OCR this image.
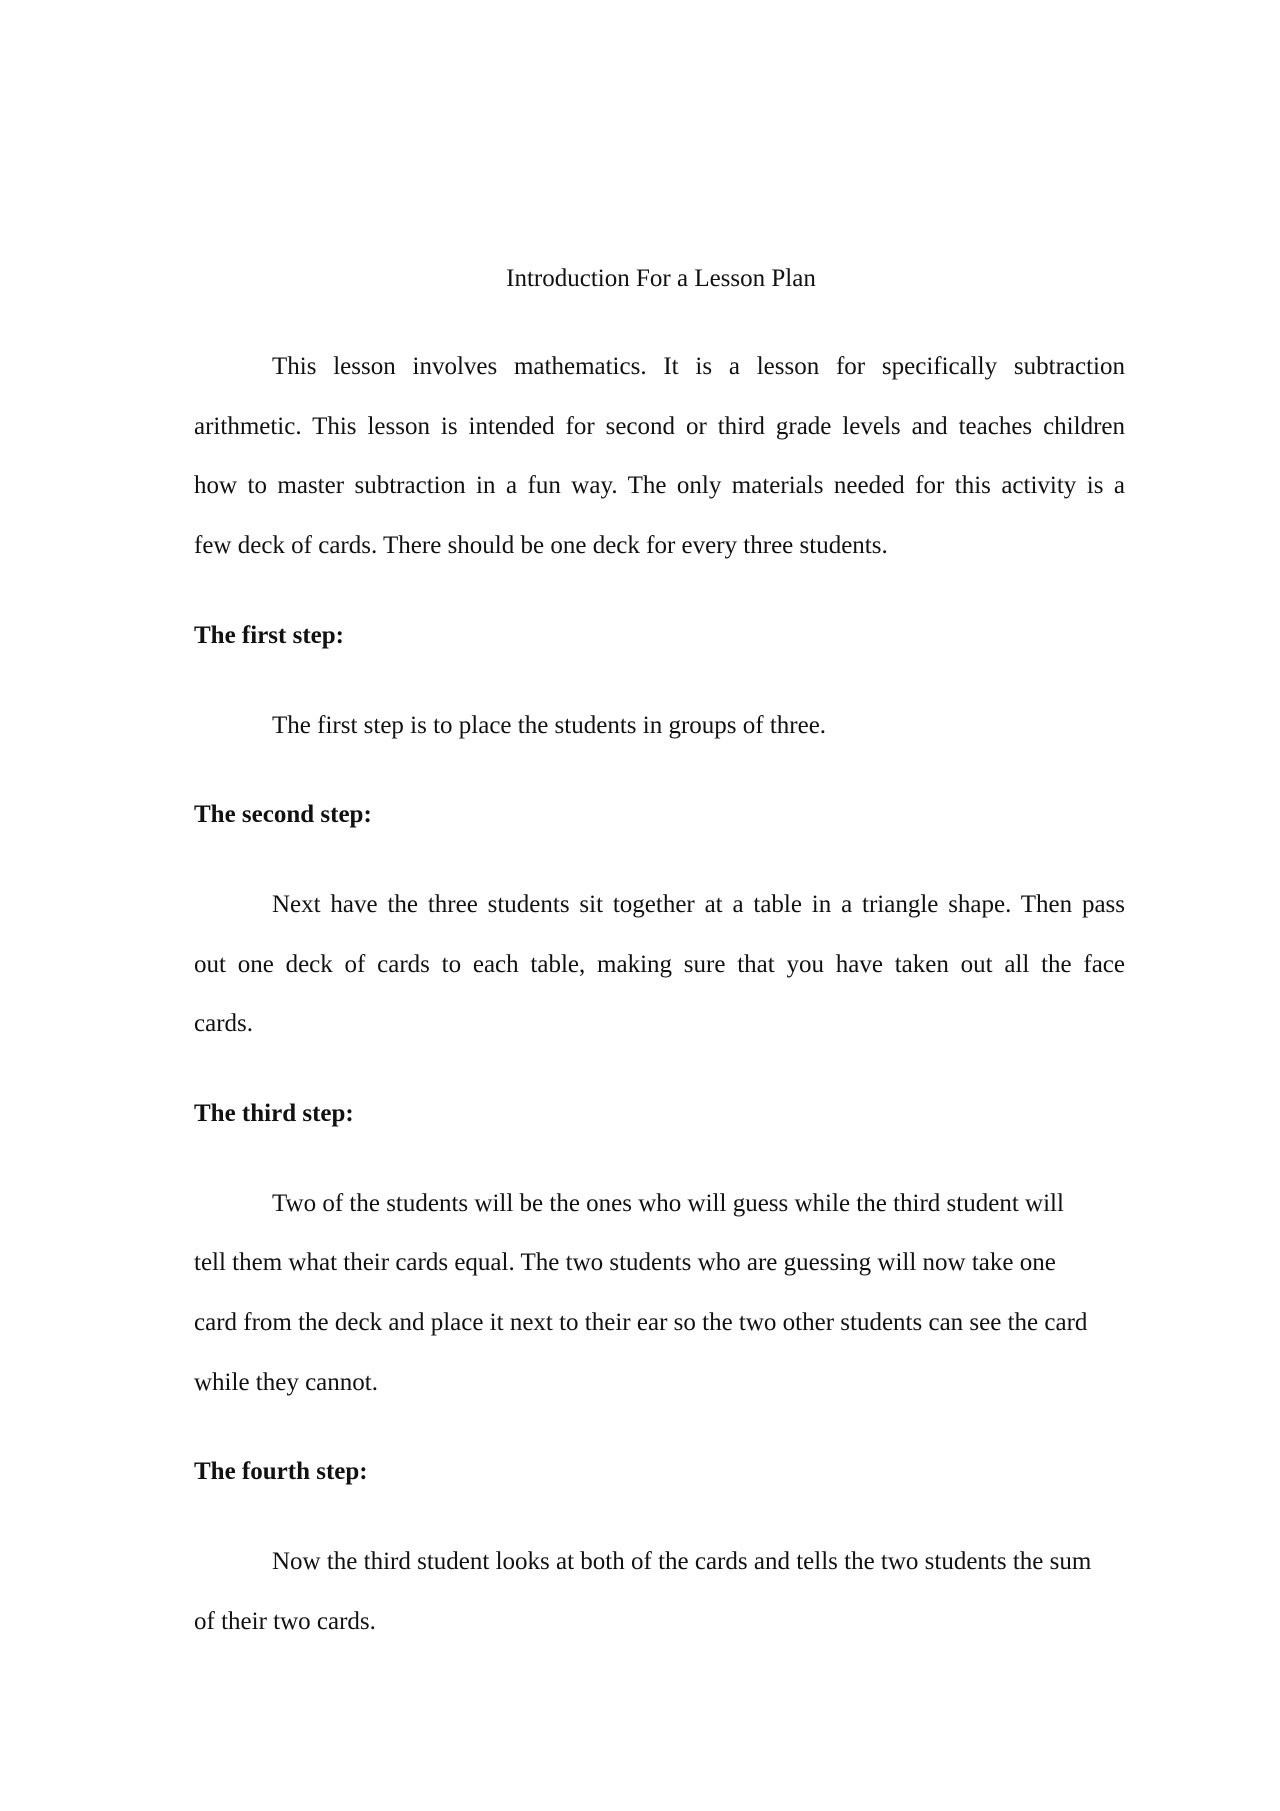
Introduction For a Lesson Plan

This lesson involves mathematics. It is a lesson for specifically subtraction

arithmetic. This lesson is intended for second or third grade levels and teaches children

how to master subtraction in a fun way. The only materials needed for this activity is a

few deck of cards. There should be one deck for every three students.

The first step:

The first step is to place the students in groups of three.

The second step:

Next have the three students sit together at a table in a triangle shape. Then pass

out one deck of cards to each table, making sure that you have taken out all the face

cards.

The third step:

Two of the students will be the ones who will guess while the third student will

tell them what their cards equal. The two students who are guessing will now take one

card from the deck and place it next to their ear so the two other students can see the card

while they cannot.

The fourth step:

Now the third student looks at both of the cards and tells the two students the sum

of their two cards.
